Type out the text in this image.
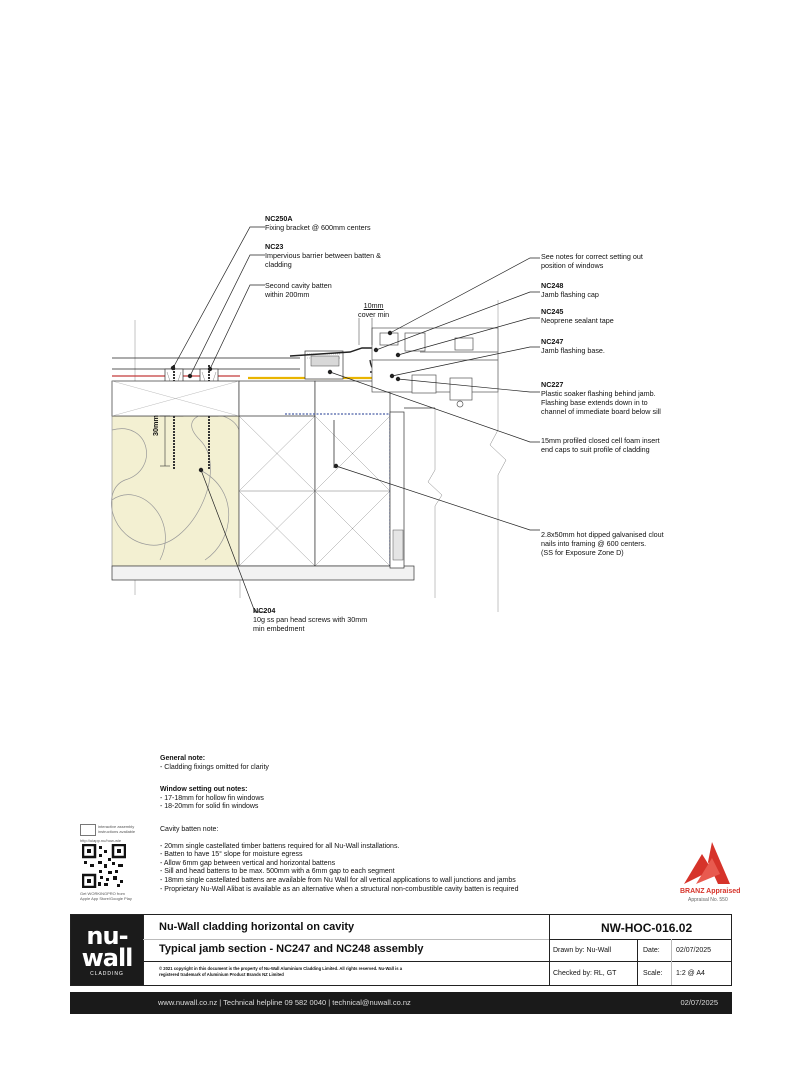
NC250A
Fixing bracket @ 600mm centers
NC23
Impervious barrier between batten &
cladding
Second cavity batten
within 200mm
10mm
cover min
See notes for correct setting out
position of windows
NC248
Jamb flashing cap
NC245
Neoprene sealant tape
NC247
Jamb flashing base.
NC227
Plastic soaker flashing behind jamb.
Flashing base extends down in to
channel of immediate board below sill
15mm profiled closed cell foam insert
end caps to suit profile of cladding
2.8x50mm hot dipped galvanised clout
nails into framing @ 600 centers.
(SS for Exposure Zone D)
NC204
10g ss pan head screws with 30mm
min embedment
30mm
General note:
- Cladding fixings omitted for clarity
Window setting out notes:
- 17-18mm for hollow fin windows
- 18-20mm for solid fin windows
Cavity batten note:
- 20mm single castellated timber battens required for all Nu-Wall installations.
- Batten to have 15° slope for moisture egress
- Allow 6mm gap between vertical and horizontal battens
- Sill and head battens to be max. 500mm with a 6mm gap to each segment
- 18mm single castellated battens are available from Nu Wall for all vertical applications to wall junctions and jambs
- Proprietary Nu-Wall Alibat is available as an alternative when a structural non-combustible cavity batten is required
interactive assembly
instructions available
http://uiapp.nu/how-wie
Get WORKINGPRO from
Apple App Store/Google Play
BRANZ Appraised
Appraisal No. 550
nu-
wall
CLADDING
Nu-Wall cladding horizontal on cavity
Typical jamb section - NC247 and NC248 assembly
© 2021 copyright in this document is the property of Nu-Wall Aluminium Cladding Limited. All rights reserved. Nu-Wall is a
registered trademark of Aluminium Product Brands NZ Limited
NW-HOC-016.02
Drawn by: Nu-Wall	Date: 02/07/2025
Checked by: RL, GT	Scale: 1:2 @ A4
www.nuwall.co.nz | Technical helpline 09 582 0040 | technical@nuwall.co.nz	02/07/2025
